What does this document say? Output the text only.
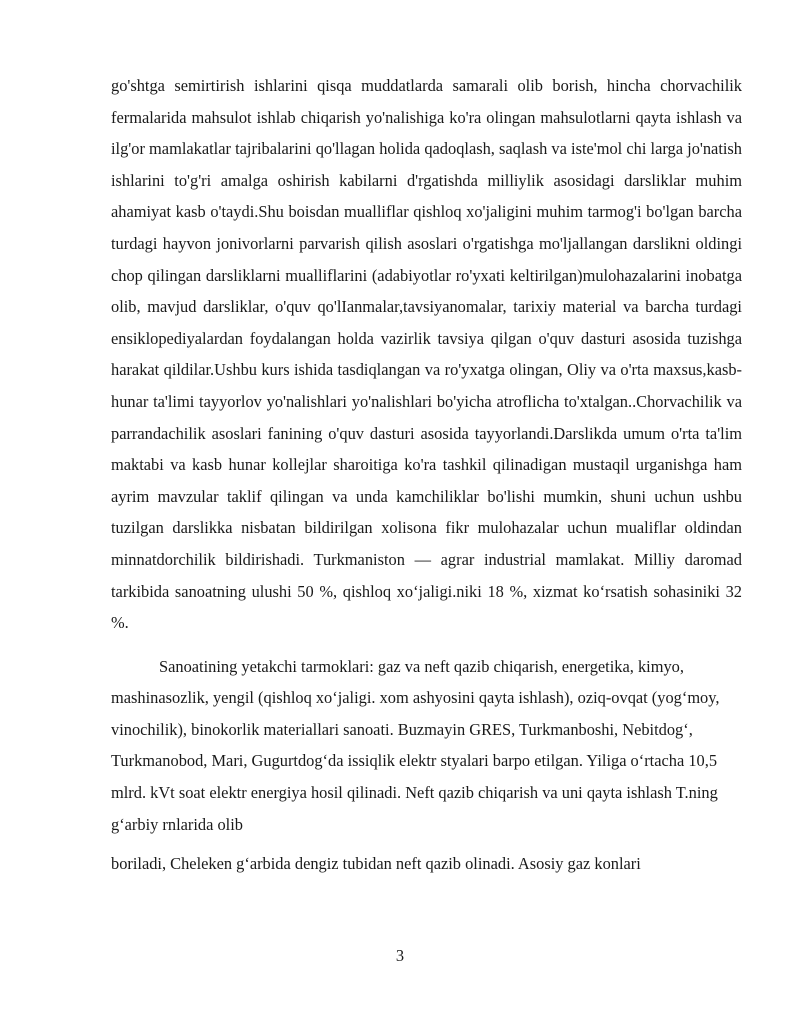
go'shtga semirtirish ishlarini qisqa muddatlarda samarali olib borish, hincha chorvachilik fermalarida mahsulot ishlab chiqarish yo'nalishiga ko'ra olingan mahsulotlarni qayta ishlash va ilg'or mamlakatlar tajribalarini qo'llagan holida qadoqlash, saqlash va iste'mol chi larga jo'natish ishlarini to'g'ri amalga oshirish kabilarni d'rgatishda milliylik asosidagi darsliklar muhim ahamiyat kasb o'taydi.Shu boisdan mualliflar qishloq xo'jaligini muhim tarmog'i bo'lgan barcha turdagi hayvon jonivorlarni parvarish qilish asoslari o'rgatishga mo'ljallangan darslikni oldingi chop qilingan darsliklarni mualliflarini (adabiyotlar ro'yxati keltirilgan)mulohazalarini inobatga olib, mavjud darsliklar, o'quv qo'lIanmalar,tavsiyanomalar, tarixiy material va barcha turdagi ensiklopediyalardan foydalangan holda vazirlik tavsiya qilgan o'quv dasturi asosida tuzishga harakat qildilar.Ushbu kurs ishida tasdiqlangan va ro'yxatga olingan, Oliy va o'rta maxsus,kasb-hunar ta'limi tayyorlov yo'nalishlari yo'nalishlari bo'yicha atroflicha to'xtalgan..Chorvachilik va parrandachilik asoslari fanining o'quv dasturi asosida tayyorlandi.Darslikda umum o'rta ta'lim maktabi va kasb hunar kollejlar sharoitiga ko'ra tashkil qilinadigan mustaqil urganishga ham ayrim mavzular taklif qilingan va unda kamchiliklar bo'lishi mumkin, shuni uchun ushbu tuzilgan darslikka nisbatan bildirilgan xolisona fikr mulohazalar uchun mualiflar oldindan minnatdorchilik bildirishadi. Turkmaniston — agrar industrial mamlakat. Milliy daromad tarkibida sanoatning ulushi 50 %, qishloq xo‘jaligi.niki 18 %, xizmat ko‘rsatish sohasiniki 32 %.

Sanoatining yetakchi tarmoklari: gaz va neft qazib chiqarish, energetika, kimyo, mashinasozlik, yengil (qishloq xo‘jaligi. xom ashyosini qayta ishlash), oziq-ovqat (yog‘moy, vinochilik), binokorlik materiallari sanoati. Buzmayin GRES, Turkmanboshi, Nebitdog‘, Turkmanobod, Mari, Gugurtdog‘da issiqlik elektr styalari barpo etilgan. Yiliga o‘rtacha 10,5 mlrd. kVt soat elektr energiya hosil qilinadi. Neft qazib chiqarish va uni qayta ishlash T.ning g‘arbiy rnlarida olib

boriladi, Cheleken g‘arbida dengiz tubidan neft qazib olinadi. Asosiy gaz konlari

3
